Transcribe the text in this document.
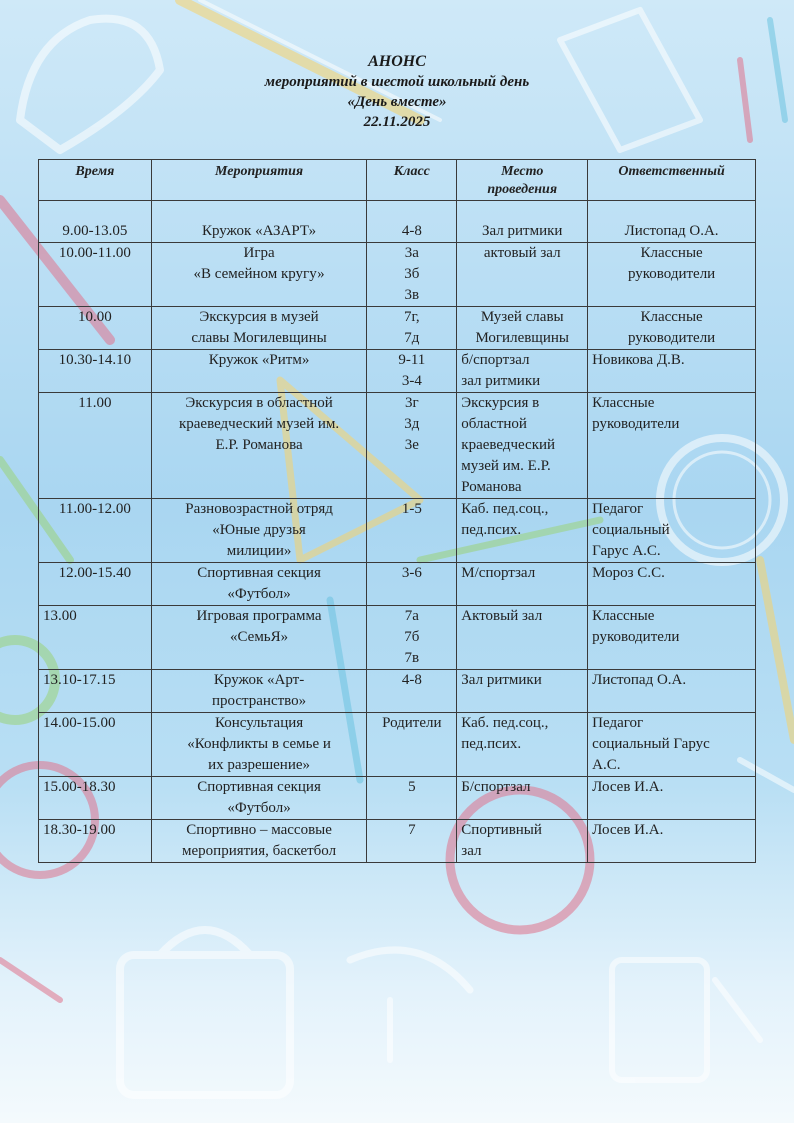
АНОНС
мероприятий в шестой школьный день
«День вместе»
22.11.2025
Время	Мероприятия	Класс	Место проведения	Ответственный

9.00-13.05	Кружок «АЗАРТ»	4-8	Зал ритмики	Листопад О.А.

10.00-11.00	Игра
«В семейном кругу»	3а
3б
3в	актовый зал	Классные
руководители

10.00	Экскурсия в музей
славы Могилевщины	7г,
7д	Музей славы
Могилевщины	Классные
руководители

10.30-14.10	Кружок «Ритм»	9-11
3-4	б/спортзал
зал ритмики	Новикова Д.В.

11.00	Экскурсия в областной
краеведческий музей им.
Е.Р. Романова	3г
3д
3е	Экскурсия в
областной
краеведческий
музей им. Е.Р.
Романова	Классные
руководители

11.00-12.00	Разновозрастной отряд
«Юные друзья
милиции»	1-5	Каб. пед.соц.,
пед.псих.	Педагог
социальный
Гарус А.С.

12.00-15.40	Спортивная секция
«Футбол»	3-6	М/спортзал	Мороз С.С.

13.00	Игровая программа
«СемьЯ»	7а
7б
7в	Актовый зал	Классные
руководители

13.10-17.15	Кружок «Арт-
пространство»	4-8	Зал ритмики	Листопад О.А.

14.00-15.00	Консультация
«Конфликты в семье и
их разрешение»	Родители	Каб. пед.соц.,
пед.псих.	Педагог
социальный Гарус
А.С.

15.00-18.30	Спортивная секция
«Футбол»	5	Б/спортзал	Лосев И.А.

18.30-19.00	Спортивно – массовые
мероприятия, баскетбол	7	Спортивный
зал	Лосев И.А.
